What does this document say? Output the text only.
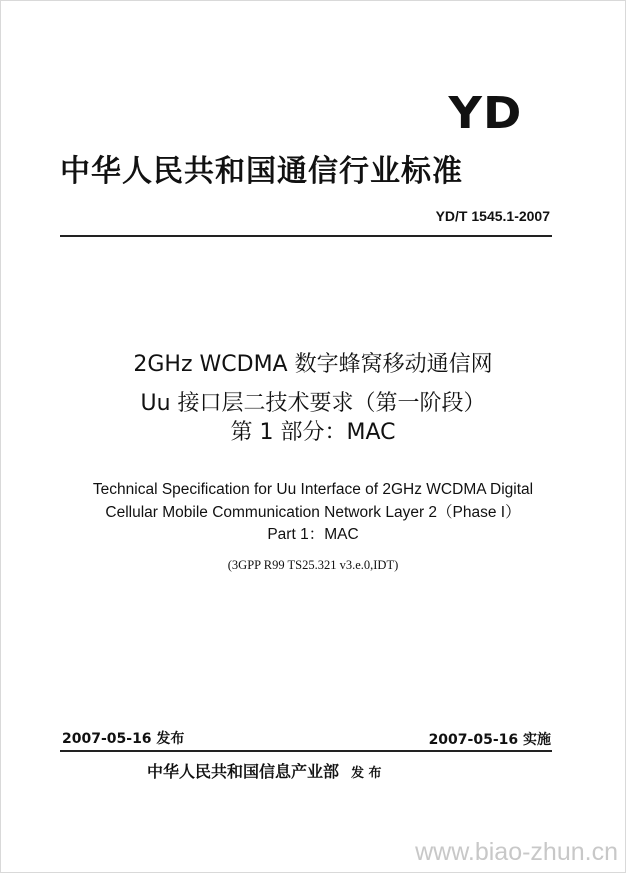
YD
中华人民共和国通信行业标准
YD/T 1545.1-2007
2GHz WCDMA 数字蜂窝移动通信网
Uu 接口层二技术要求（第一阶段）
第 1 部分：MAC
Technical Specification for Uu Interface of 2GHz WCDMA Digital
Cellular Mobile Communication Network Layer 2（Phase I）
Part 1：MAC
(3GPP R99 TS25.321 v3.e.0,IDT)
2007-05-16 发布	2007-05-16 实施
中华人民共和国信息产业部 发 布
www.biao-zhun.cn
